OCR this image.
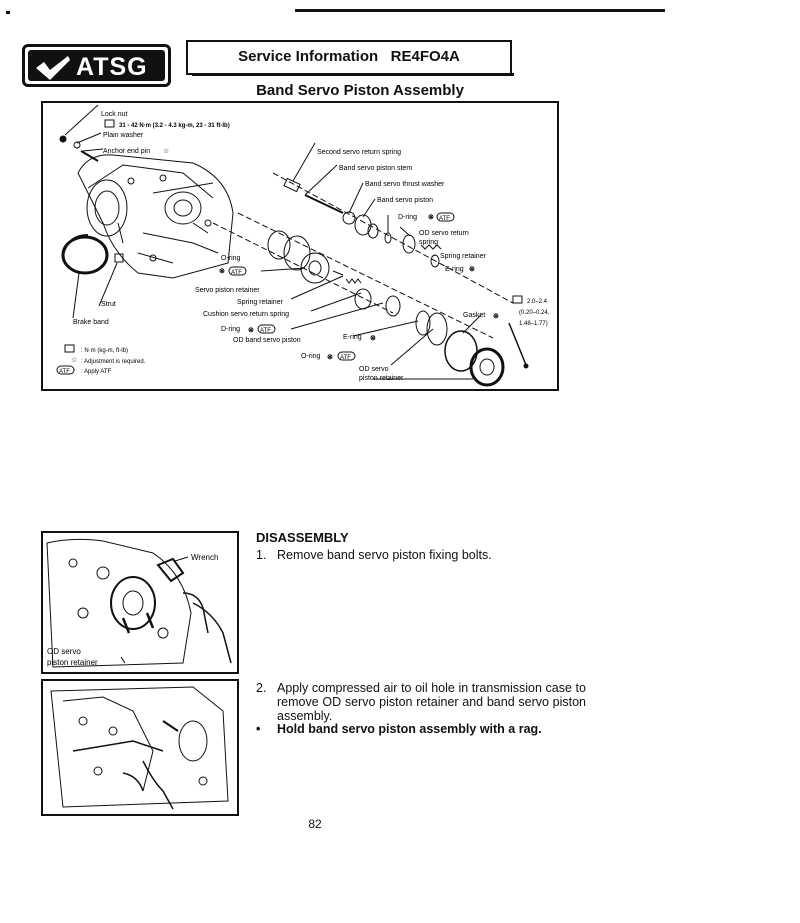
ATSG	Service Information   RE4FO4A
Band Servo Piston Assembly
Lock nut
31 - 42 N·m (3.2 - 4.3 kg-m, 23 - 31 ft-lb)
Plain washer
Anchor end pin ☆	Second servo return spring
Band servo piston stem
Band servo thrust washer
Band servo piston
D-ring ⊗ ATF
OD servo return
spring
Spring retainer
E-ring ⊗
O-ring
⊗ ATF
Servo piston retainer
Spring retainer
Cushion servo return spring
D-ring ⊗ ATF
OD band servo piston	E-ring ⊗
O-ring ⊗ ATF
OD servo
piston retainer
Gasket ⊗
2.0–2.4
(0.20–0.24,
1.48–1.77)
Strut
Brake band
: N·m (kg-m, ft-lb)
☆ : Adjustment is required.
ATF : Apply ATF
Wrench
OD servo
piston retainer
DISASSEMBLY
1. Remove band servo piston fixing bolts.
2. Apply compressed air to oil hole in transmission case to remove OD servo piston retainer and band servo piston assembly.
• Hold band servo piston assembly with a rag.
82
